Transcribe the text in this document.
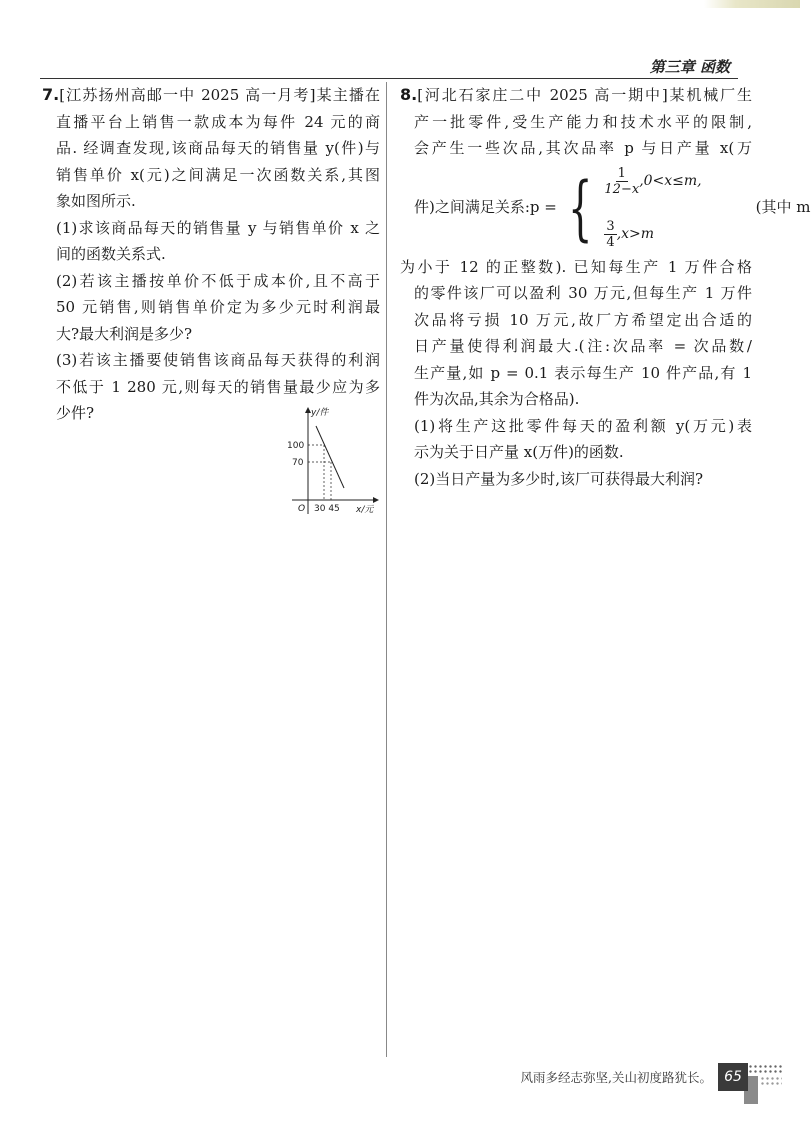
第三章 函数
7.[江苏扬州高邮一中 2025 高一月考]某主播在
直播平台上销售一款成本为每件 24 元的商
品. 经调查发现,该商品每天的销售量 y(件)与
销售单价 x(元)之间满足一次函数关系,其图
象如图所示.
(1)求该商品每天的销售量 y 与销售单价 x 之
间的函数关系式.
(2)若该主播按单价不低于成本价,且不高于
50 元销售,则销售单价定为多少元时利润最
大?最大利润是多少?
(3)若该主播要使销售该商品每天获得的利润
不低于 1 280 元,则每天的销售量最少应为多
少件?	y/件
100
70
O 30 45 x/元
8.[河北石家庄二中 2025 高一期中]某机械厂生
产一批零件,受生产能力和技术水平的限制,
会产生一些次品,其次品率 p 与日产量 x(万
件)之间满足关系:p = { $\frac{1}{12-x} ,0<x\le m$,
$\frac{3}{4} ,x>m$
(其中 m
为小于 12 的正整数). 已知每生产 1 万件合格
的零件该厂可以盈利 30 万元,但每生产 1 万件
次品将亏损 10 万元,故厂方希望定出合适的
日产量使得利润最大.(注:次品率 = 次品数/
生产量,如 p = 0.1 表示每生产 10 件产品,有 1
件为次品,其余为合格品).
(1)将生产这批零件每天的盈利额 y(万元)表
示为关于日产量 x(万件)的函数.
(2)当日产量为多少时,该厂可获得最大利润?
风雨多经志弥坚,关山初度路犹长。 65
